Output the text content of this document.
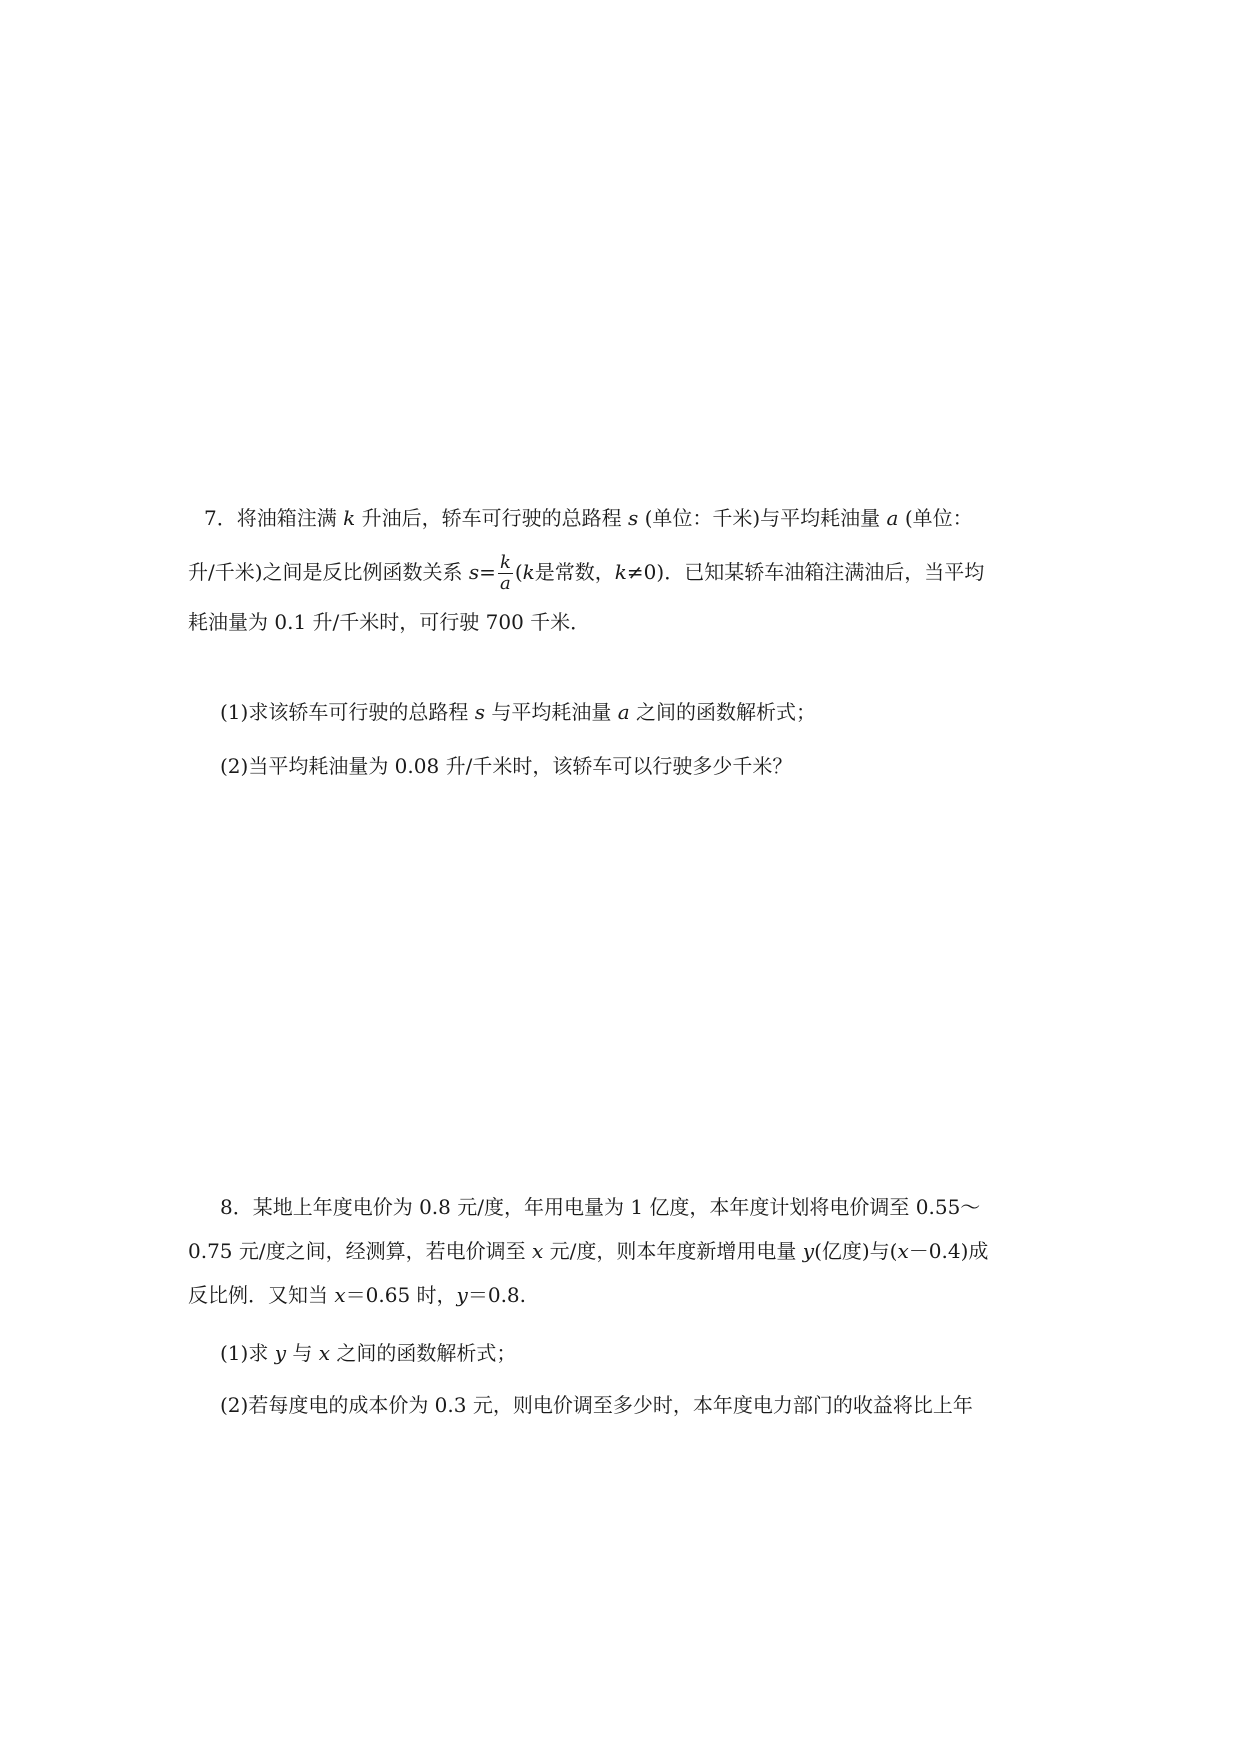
7．将油箱注满 k 升油后，轿车可行驶的总路程 s (单位：千米)与平均耗油量 a (单位：
升/千米)之间是反比例函数关系 $s= \frac{k}{a} (k$是常数，k≠0)．已知某轿车油箱注满油后，当平均
耗油量为 0.1 升/千米时，可行驶 700 千米．
(1)求该轿车可行驶的总路程 s 与平均耗油量 a 之间的函数解析式；
(2)当平均耗油量为 0.08 升/千米时，该轿车可以行驶多少千米？
8．某地上年度电价为 0.8 元/度，年用电量为 1 亿度，本年度计划将电价调至 0.55～
0.75 元/度之间，经测算，若电价调至 x 元/度，则本年度新增用电量 y(亿度)与(x－0.4)成
反比例．又知当 x＝0.65 时，y＝0.8.
(1)求 y 与 x 之间的函数解析式；
(2)若每度电的成本价为 0.3 元，则电价调至多少时，本年度电力部门的收益将比上年
